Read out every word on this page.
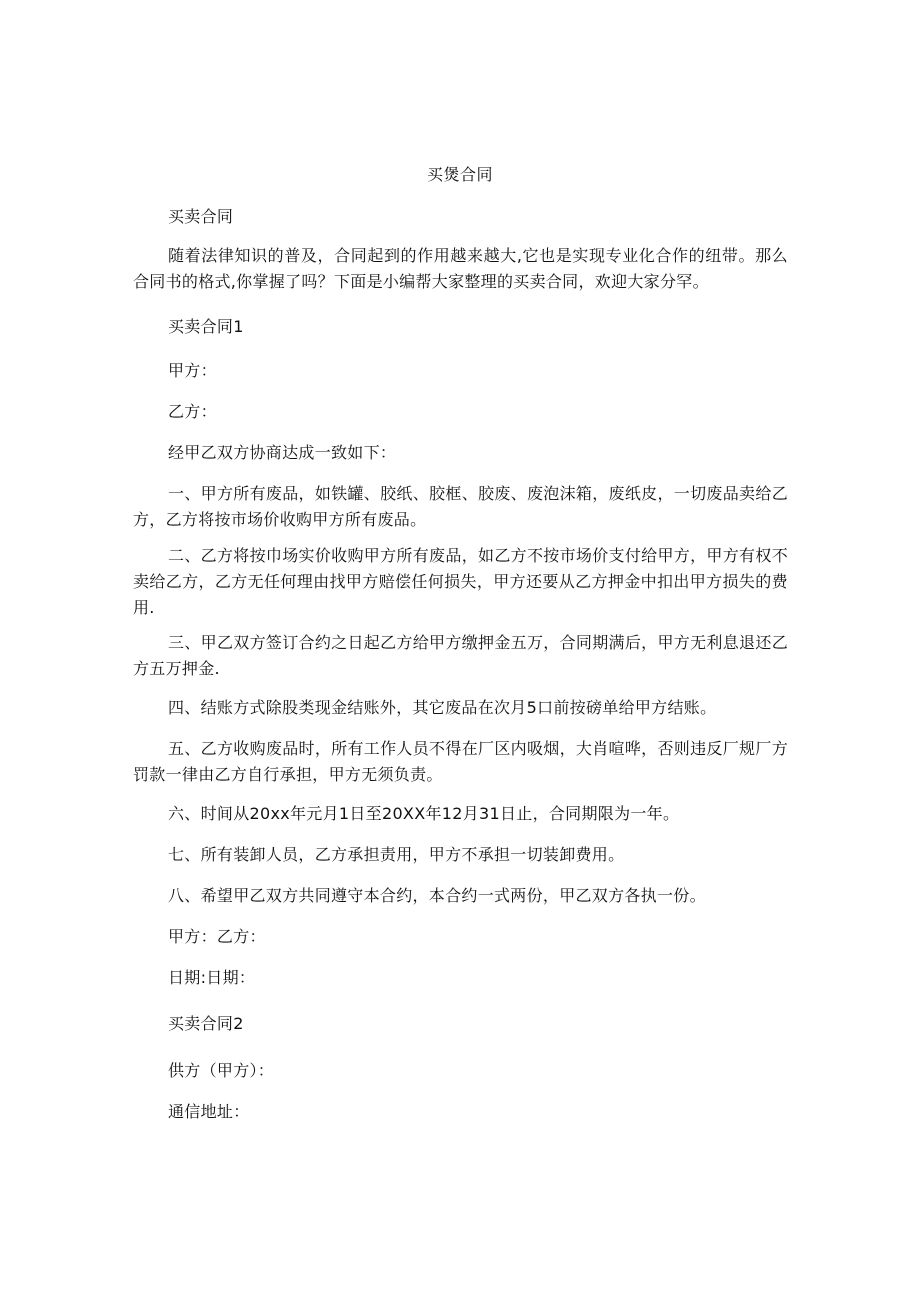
买煲合同
买卖合同
随着法律知识的普及，合同起到的作用越来越大,它也是实现专业化合作的纽带。那么合同书的格式,你掌握了吗？下面是小编帮大家整理的买卖合同，欢迎大家分罕。
买卖合同1
甲方：
乙方：
经甲乙双方协商达成一致如下：
一、甲方所有废品，如铁罐、胶纸、胶框、胶废、废泡沫箱，废纸皮，一切废品卖给乙方，乙方将按市场价收购甲方所有废品。
二、乙方将按巾场实价收购甲方所有废品，如乙方不按市场价支付给甲方，甲方有权不卖给乙方，乙方无任何理由找甲方赔偿任何损失，甲方还要从乙方押金中扣出甲方损失的费用.
三、甲乙双方签订合约之日起乙方给甲方缴押金五万，合同期满后，甲方无利息退还乙方五万押金.
四、结账方式除股类现金结账外，其它废品在次月5口前按磅单给甲方结账。
五、乙方收购废品时，所有工作人员不得在厂区内吸烟，大肖喧哗，否则违反厂规厂方罚款一律由乙方自行承担，甲方无须负责。
六、时间从20xx年元月1日至20XX年12月31日止，合同期限为一年。
七、所有装卸人员，乙方承担责用，甲方不承担一切装卸费用。
八、希望甲乙双方共同遵守本合约，本合约一式两份，甲乙双方各执一份。
甲方：乙方：
日期:日期：
买卖合同2
供方（甲方）：
通信地址：
